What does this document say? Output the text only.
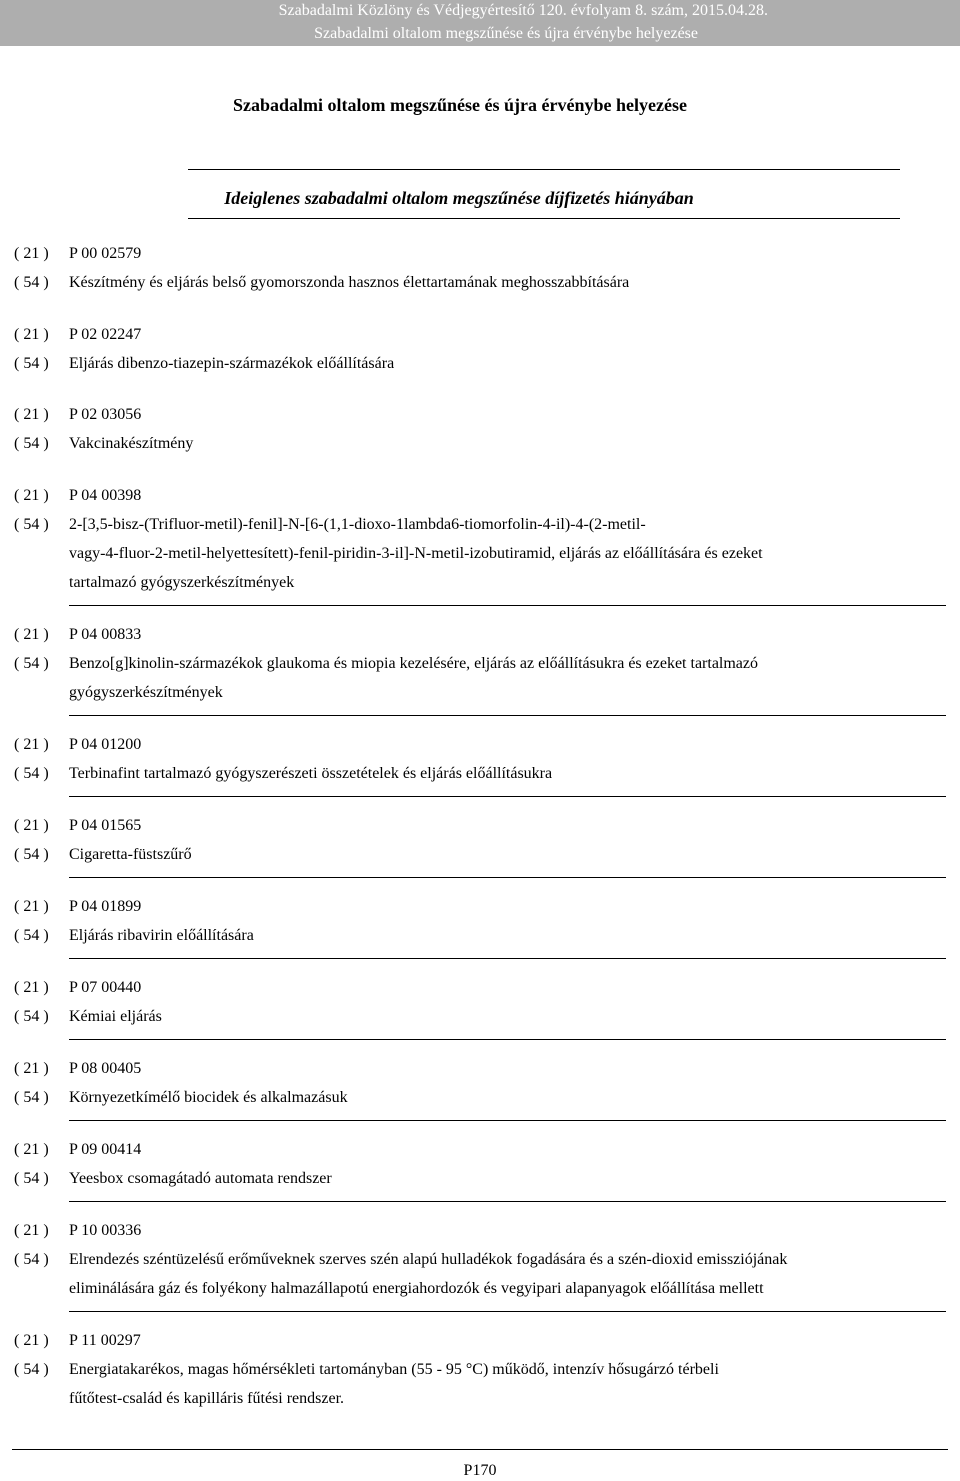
Szabadalmi Közlöny és Védjegyértesítő 120. évfolyam 8. szám, 2015.04.28.
Szabadalmi oltalom megszűnése és újra érvénybe helyezése
Szabadalmi oltalom megszűnése és újra érvénybe helyezése
Ideiglenes szabadalmi oltalom megszűnése díjfizetés hiányában
( 21 ) P 00 02579
( 54 ) Készítmény és eljárás belső gyomorszonda hasznos élettartamának meghosszabbítására
( 21 ) P 02 02247
( 54 ) Eljárás dibenzo-tiazepin-származékok előállítására
( 21 ) P 02 03056
( 54 ) Vakcinakészítmény
( 21 ) P 04 00398
( 54 ) 2-[3,5-bisz-(Trifluor-metil)-fenil]-N-[6-(1,1-dioxo-1lambda6-tiomorfolin-4-il)-4-(2-metil-
vagy-4-fluor-2-metil-helyettesített)-fenil-piridin-3-il]-N-metil-izobutiramid, eljárás az előállítására és ezeket
tartalmazó gyógyszerkészítmények
( 21 ) P 04 00833
( 54 ) Benzo[g]kinolin-származékok glaukoma és miopia kezelésére, eljárás az előállításukra és ezeket tartalmazó
gyógyszerkészítmények
( 21 ) P 04 01200
( 54 ) Terbinafint tartalmazó gyógyszerészeti összetételek és eljárás előállításukra
( 21 ) P 04 01565
( 54 ) Cigaretta-füstszűrő
( 21 ) P 04 01899
( 54 ) Eljárás ribavirin előállítására
( 21 ) P 07 00440
( 54 ) Kémiai eljárás
( 21 ) P 08 00405
( 54 ) Környezetkímélő biocidek és alkalmazásuk
( 21 ) P 09 00414
( 54 ) Yeesbox csomagátadó automata rendszer
( 21 ) P 10 00336
( 54 ) Elrendezés széntüzelésű erőműveknek szerves szén alapú hulladékok fogadására és a szén-dioxid emissziójának
eliminálására gáz és folyékony halmazállapotú energiahordozók és vegyipari alapanyagok előállítása mellett
( 21 ) P 11 00297
( 54 ) Energiatakarékos, magas hőmérsékleti tartományban (55 - 95 °C) működő, intenzív hősugárzó térbeli
fűtőtest-család és kapilláris fűtési rendszer.
P170
